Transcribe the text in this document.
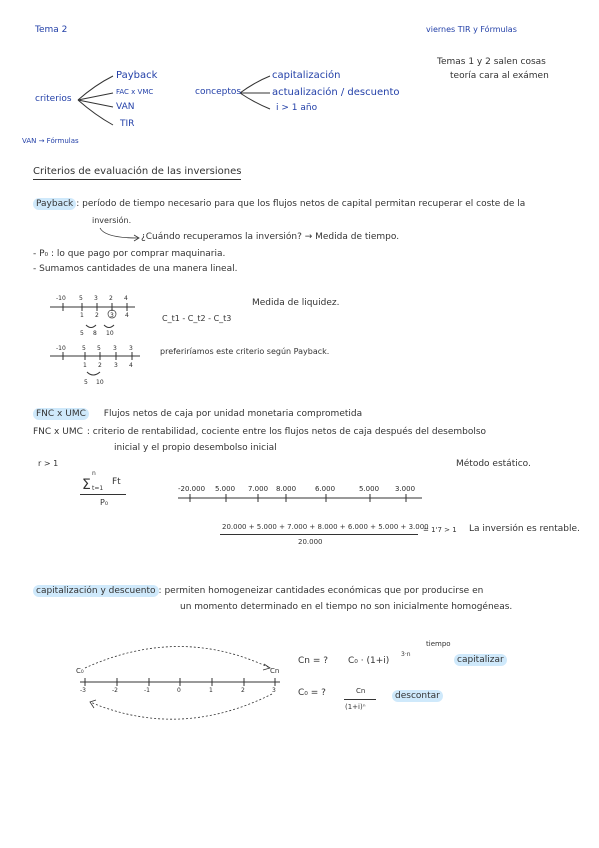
Tema 2	viernes TIR y Fórmulas
Temas 1 y 2 salen cosas
teoría cara al exámen
criterios
Payback
FAC x VMC
VAN
TIR
conceptos
capitalización
actualización / descuento
i > 1 año
VAN → Fórmulas
Criterios de evaluación de las inversiones
Payback : período de tiempo necesario para que los flujos netos de capital permitan recuperar el coste de la
inversión.
¿Cuándo recuperamos la inversión? → Medida de tiempo.
- P₀ : lo que pago por comprar maquinaria.
- Sumamos cantidades de una manera lineal.
-10 5 3 2 4
1 2 3 4
5 8 10
Medida de liquidez.
C_t1 - C_t2 - C_t3
-10	5 5 3 3
1 2 3 4
5 10
preferiríamos este criterio según Payback.
FNC x UMC Flujos netos de caja por unidad monetaria comprometida
FNC x UMC : criterio de rentabilidad, cociente entre los flujos netos de caja después del desembolso
inicial y el propio desembolso inicial
r > 1	Método estático.
Σ
n
t=1
Ft
P₀
-20.000 5.000 7.000 8.000	6.000	5.000 3.000
20.000 + 5.000 + 7.000 + 8.000 + 6.000 + 5.000 + 3.000
20.000
= 1'7 > 1 La inversión es rentable.
capitalización y descuento : permiten homogeneizar cantidades económicas que por producirse en
un momento determinado en el tiempo no son inicialmente homogéneas.
C₀	Cn
-3	-2	-1	0	1	2	3
Cn = ? C₀ · (1+i)
3·n
tiempo
capitalizar
C₀ = ?	Cn
(1+i)ⁿ
descontar
